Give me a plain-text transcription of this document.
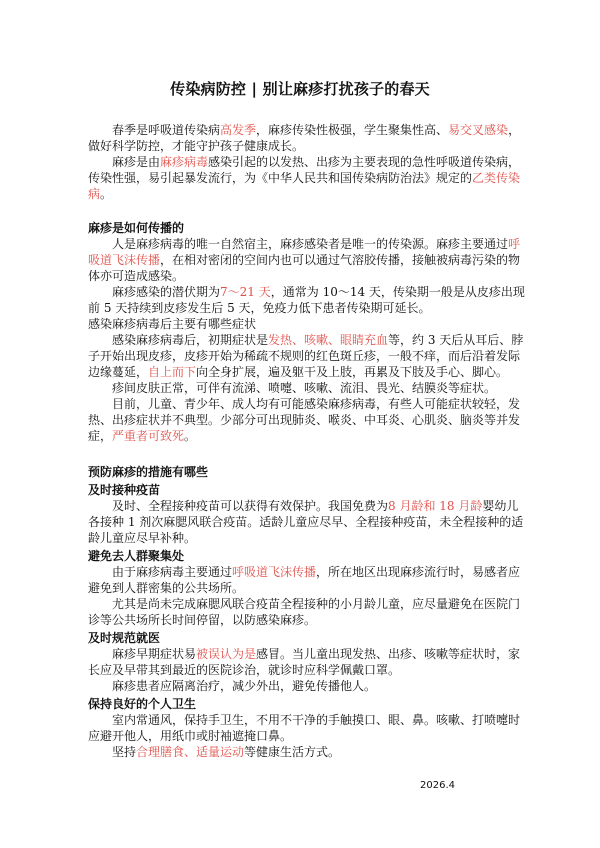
传染病防控 | 别让麻疹打扰孩子的春天

春季是呼吸道传染病高发季，麻疹传染性极强，学生聚集性高、易交叉感染，做好科学防控，才能守护孩子健康成长。

麻疹是由麻疹病毒感染引起的以发热、出疹为主要表现的急性呼吸道传染病，传染性强，易引起暴发流行，为《中华人民共和国传染病防治法》规定的乙类传染病。

麻疹是如何传播的

人是麻疹病毒的唯一自然宿主，麻疹感染者是唯一的传染源。麻疹主要通过呼吸道飞沫传播，在相对密闭的空间内也可以通过气溶胶传播，接触被病毒污染的物体亦可造成感染。

麻疹感染的潜伏期为7～21 天，通常为 10～14 天，传染期一般是从皮疹出现前 5 天持续到皮疹发生后 5 天，免疫力低下患者传染期可延长。

感染麻疹病毒后主要有哪些症状

感染麻疹病毒后，初期症状是发热、咳嗽、眼睛充血等，约 3 天后从耳后、脖子开始出现皮疹，皮疹开始为稀疏不规则的红色斑丘疹，一般不痒，而后沿着发际边缘蔓延，自上而下向全身扩展，遍及躯干及上肢，再累及下肢及手心、脚心。

疹间皮肤正常，可伴有流涕、喷嚏、咳嗽、流泪、畏光、结膜炎等症状。

目前，儿童、青少年、成人均有可能感染麻疹病毒，有些人可能症状较轻，发热、出疹症状并不典型。少部分可出现肺炎、喉炎、中耳炎、心肌炎、脑炎等并发症，严重者可致死。

预防麻疹的措施有哪些

及时接种疫苗

及时、全程接种疫苗可以获得有效保护。我国免费为8 月龄和 18 月龄婴幼儿各接种 1 剂次麻腮风联合疫苗。适龄儿童应尽早、全程接种疫苗，未全程接种的适龄儿童应尽早补种。

避免去人群聚集处

由于麻疹病毒主要通过呼吸道飞沫传播，所在地区出现麻疹流行时，易感者应避免到人群密集的公共场所。

尤其是尚未完成麻腮风联合疫苗全程接种的小月龄儿童，应尽量避免在医院门诊等公共场所长时间停留，以防感染麻疹。

及时规范就医

麻疹早期症状易被误认为是感冒。当儿童出现发热、出疹、咳嗽等症状时，家长应及早带其到最近的医院诊治，就诊时应科学佩戴口罩。

麻疹患者应隔离治疗，减少外出，避免传播他人。

保持良好的个人卫生

室内常通风，保持手卫生，不用不干净的手触摸口、眼、鼻。咳嗽、打喷嚏时应避开他人，用纸巾或肘袖遮掩口鼻。

坚持合理膳食、适量运动等健康生活方式。

2026.4
